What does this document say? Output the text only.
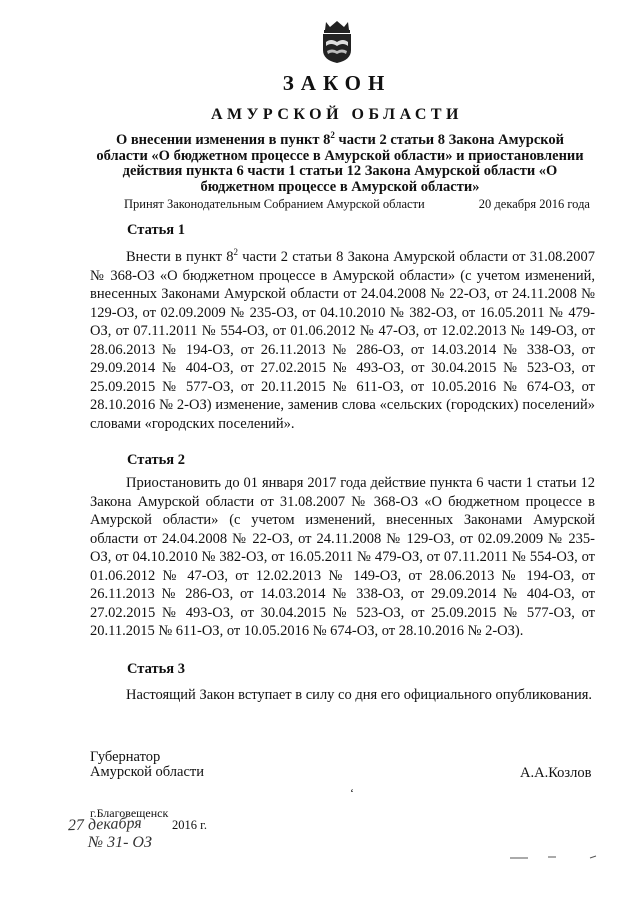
ЗАКОН
АМУРСКОЙ ОБЛАСТИ
О внесении изменения в пункт $8^2$ части 2 статьи 8 Закона Амурской области «О бюджетном процессе в Амурской области» и приостановлении действия пункта 6 части 1 статьи 12 Закона Амурской области «О бюджетном процессе в Амурской области»
Принят Законодательным Собранием Амурской области	20 декабря 2016 года
Статья 1

Внести в пункт $8^2$ части 2 статьи 8 Закона Амурской области от 31.08.2007 № 368-ОЗ «О бюджетном процессе в Амурской области» (с учетом изменений, внесенных Законами Амурской области от 24.04.2008 № 22-ОЗ, от 24.11.2008 № 129-ОЗ, от 02.09.2009 № 235-ОЗ, от 04.10.2010 № 382-ОЗ, от 16.05.2011 № 479-ОЗ, от 07.11.2011 № 554-ОЗ, от 01.06.2012 № 47-ОЗ, от 12.02.2013 № 149-ОЗ, от 28.06.2013 № 194-ОЗ, от 26.11.2013 № 286-ОЗ, от 14.03.2014 № 338-ОЗ, от 29.09.2014 № 404-ОЗ, от 27.02.2015 № 493-ОЗ, от 30.04.2015 № 523-ОЗ, от 25.09.2015 № 577-ОЗ, от 20.11.2015 № 611-ОЗ, от 10.05.2016 № 674-ОЗ, от 28.10.2016 № 2-ОЗ) изменение, заменив слова «сельских (городских) поселений» словами «городских поселений».

Статья 2

Приостановить до 01 января 2017 года действие пункта 6 части 1 статьи 12 Закона Амурской области от 31.08.2007 № 368-ОЗ «О бюджетном процессе в Амурской области» (с учетом изменений, внесенных Законами Амурской области от 24.04.2008 № 22-ОЗ, от 24.11.2008 № 129-ОЗ, от 02.09.2009 № 235-ОЗ, от 04.10.2010 № 382-ОЗ, от 16.05.2011 № 479-ОЗ, от 07.11.2011 № 554-ОЗ, от 01.06.2012 № 47-ОЗ, от 12.02.2013 № 149-ОЗ, от 28.06.2013 № 194-ОЗ, от 26.11.2013 № 286-ОЗ, от 14.03.2014 № 338-ОЗ, от 29.09.2014 № 404-ОЗ, от 27.02.2015 № 493-ОЗ, от 30.04.2015 № 523-ОЗ, от 25.09.2015 № 577-ОЗ, от 20.11.2015 № 611-ОЗ, от 10.05.2016 № 674-ОЗ, от 28.10.2016 № 2-ОЗ).

Статья 3

Настоящий Закон вступает в силу со дня его официального опубликования.

Губернатор
Амурской области	А.А.Козлов
‘
г.Благовещенск
27 декабря 2016 г.
№ 31- ОЗ
